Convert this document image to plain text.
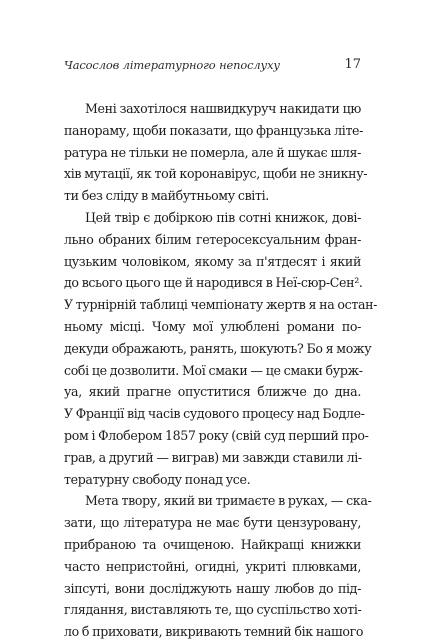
Часослов літературного непослуху	17

Мені захотілося нашвидкуруч накидати цю
панораму, щоби показати, що французька літе-
ратура не тільки не померла, але й шукає шля-
хів мутації, як той коронавірус, щоби не зникну-
ти без сліду в майбутньому світі.

Цей твір є добіркою пів сотні книжок, дові-
льно обраних білим гетеросексуальним фран-
цузьким чоловіком, якому за п'ятдесят і який
до всього цього ще й народився в Неї-сюр-Сен².

У турнірній таблиці чемпіонату жертв я на остан-
ньому місці. Чому мої улюблені романи по-
декуди ображають, ранять, шокують? Бо я можу
собі це дозволити. Мої смаки — це смаки бурж-
уа, який прагне опуститися ближче до дна.
У Франції від часів судового процесу над Бодле-
ром і Флобером 1857 року (свій суд перший про-
грав, а другий — виграв) ми завжди ставили лі-
тературну свободу понад усе.

Мета твору, який ви тримаєте в руках, — ска-
зати, що література не має бути цензуровану,
прибраною та очищеною. Найкращі книжки
часто непристойні, огидні, укриті плювками,
зіпсуті, вони досліджують нашу любов до під-
глядання, виставляють те, що суспільство хоті-
ло б приховати, викривають темний бік нашого
